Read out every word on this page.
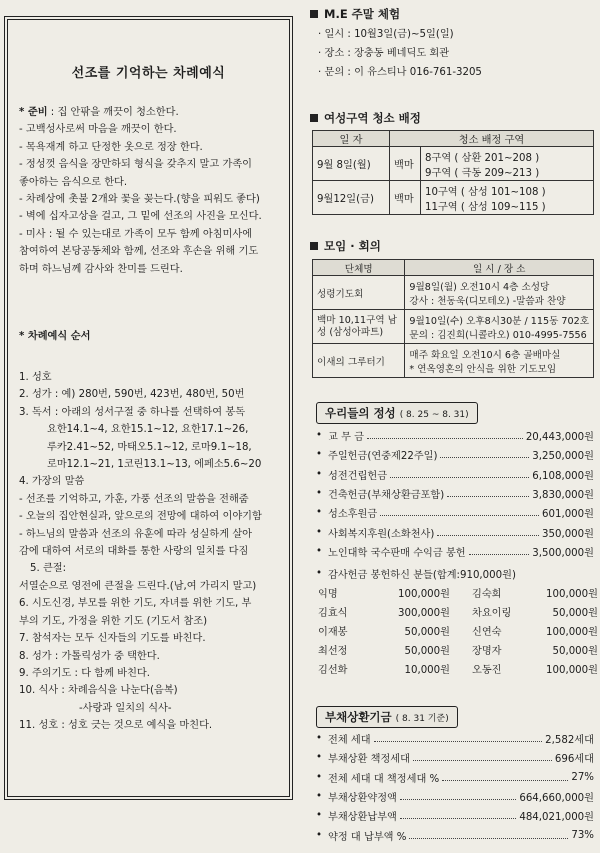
선조를 기억하는 차례예식
* 준비 : 집 안팎을 깨끗이 청소한다.
- 고백성사로써 마음을 깨끗이 한다.
- 목욕재계 하고 단정한 옷으로 정장 한다.
- 정성껏 음식을 장만하되 형식을 갖추지 말고 가족이
좋아하는 음식으로 한다.
- 차례상에 촛불 2개와 꽃을 꽂는다.(향을 피워도 좋다)
- 벽에 십자고상을 걸고, 그 밑에 선조의 사진을 모신다.
- 미사 : 될 수 있는대로 가족이 모두 함께 아침미사에
참여하여 본당공동체와 함께, 선조와 후손을 위해 기도
하며 하느님께 감사와 찬미를 드린다.
* 차례예식 순서
1. 성호
2. 성가 : 예) 280번, 590번, 423번, 480번, 50번
3. 독서 : 아래의 성서구절 중 하나를 선택하여 봉독
요한14.1~4, 요한15.1~12, 요한17.1~26,
루카2.41~52, 마태오5.1~12, 로마9.1~18,
로마12.1~21, 1코린13.1~13, 에페소5.6~20
4. 가장의 말씀
- 선조를 기억하고, 가훈, 가풍 선조의 말씀을 전해줌
- 오늘의 집안현실과, 앞으로의 전망에 대하여 이야기함
- 하느님의 말씀과 선조의 유훈에 따라 성실하게 살아
감에 대하여 서로의 대화를 통한 사랑의 일치를 다짐
5. 큰절:
서열순으로 영전에 큰절을 드린다.(남,여 가리지 말고)
6. 시도신경, 부모를 위한 기도, 자녀를 위한 기도, 부
부의 기도, 가정을 위한 기도 (기도서 참조)
7. 참석자는 모두 신자들의 기도를 바친다.
8. 성가 : 가톨릭성가 중 택한다.
9. 주의기도 : 다 함께 바친다.
10. 식사 : 차례음식을 나눈다(음복)
-사랑과 일치의 식사-
11. 성호 : 성호 긋는 것으로 예식을 마친다.
M.E 주말 체험
· 일시 : 10월3일(금)~5일(일)
· 장소 : 장충동 베네딕도 회관
· 문의 : 이 유스티나 016-761-3205
여성구역 청소 배정
일 자	청소 배정 구역	
9월 8일(월)	백마	8구역 ( 삼환 201~208 )
9구역 ( 극동 209~213 )

9월12일(금)	백마	10구역 ( 삼성 101~108 )
11구역 ( 삼성 109~115 )
모임 · 회의
단체명	일 시 / 장 소
성령기도회	9월8일(월) 오전10시 4층 소성당
강사 : 천동욱(디모테오) -말씀과 찬양

백마 10,11구역 남성 (삼성아파트)	9월10일(수) 오후8시30분 / 115동 702호
문의 : 김진희(니콜라오) 010-4995-7556

이새의 그루터기	매주 화요일 오전10시 6층 골배마실
* 연옥영혼의 안식을 위한 기도모임
우리들의 정성 ( 8. 25 ~ 8. 31)
• 교 무 금	20,443,000원
• 주일헌금(연중제22주일)	3,250,000원
• 성전건립헌금	6,108,000원
• 건축헌금(부채상환금포함)	3,830,000원
• 성소후원금	601,000원
• 사회복지후원(소화천사)	350,000원
• 노인대학 국수판매 수익금 봉헌	3,500,000원
• 감사헌금 봉헌하신 분들(합계:910,000원)
익명	100,000원	김숙희	100,000원
김효식	300,000원	차요이링	50,000원
이재봉	50,000원	신연숙	100,000원
최선정	50,000원	장명자	50,000원
김선화	10,000원	오동진	100,000원
부채상환기금 ( 8. 31 기준)
• 전체 세대	2,582세대
• 부채상환 책정세대	696세대
• 전체 세대 대 책정세대 %	27%
• 부채상환약정액	664,660,000원
• 부채상환납부액	484,021,000원
• 약정 대 납부액 %	73%
